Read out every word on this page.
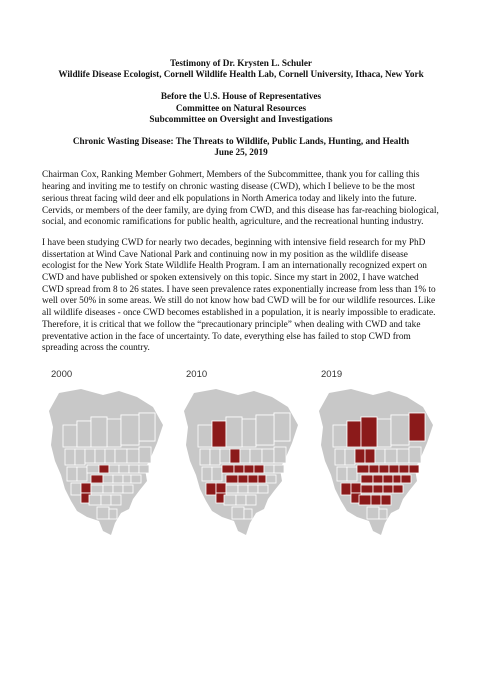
Testimony of Dr. Krysten L. Schuler
Wildlife Disease Ecologist, Cornell Wildlife Health Lab, Cornell University, Ithaca, New York
Before the U.S. House of Representatives
Committee on Natural Resources
Subcommittee on Oversight and Investigations
Chronic Wasting Disease: The Threats to Wildlife, Public Lands, Hunting, and Health
June 25, 2019

Chairman Cox, Ranking Member Gohmert, Members of the Subcommittee, thank you for calling this hearing and inviting me to testify on chronic wasting disease (CWD), which I believe to be the most serious threat facing wild deer and elk populations in North America today and likely into the future. Cervids, or members of the deer family, are dying from CWD, and this disease has far-reaching biological, social, and economic ramifications for public health, agriculture, and the recreational hunting industry.

I have been studying CWD for nearly two decades, beginning with intensive field research for my PhD dissertation at Wind Cave National Park and continuing now in my position as the wildlife disease ecologist for the New York State Wildlife Health Program. I am an internationally recognized expert on CWD and have published or spoken extensively on this topic. Since my start in 2002, I have watched CWD spread from 8 to 26 states. I have seen prevalence rates exponentially increase from less than 1% to well over 50% in some areas. We still do not know how bad CWD will be for our wildlife resources. Like all wildlife diseases - once CWD becomes established in a population, it is nearly impossible to eradicate. Therefore, it is critical that we follow the “precautionary principle” when dealing with CWD and take preventative action in the face of uncertainty. To date, everything else has failed to stop CWD from spreading across the country.

2000	2010	2019
